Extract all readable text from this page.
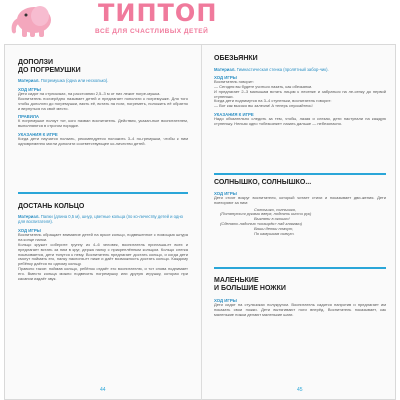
ТИПТОП
ВСЁ ДЛЯ СЧАСТЛИВЫХ ДЕТЕЙ
ДОПОЛЗИ
ДО ПОГРЕМУШКИ
Материал. Погремушка (одна или несколько).
ХОД ИГРЫ
Дети сидят на стульчиках, на расстоянии 2,5–3 м от них лежит погре-мушка.
Воспитатель поочерёдно называет детей и предлагает поползти к погремушке. Для того чтобы доползти до погремушки, взять её, встать на ноги, погреметь, положить её обратно и вернуться на своё место.
ПРАВИЛА
К погремушке ползут тот, кого назвал воспитатель. Действия, указан-ные воспитателем, выполняются в строгом порядке.
УКАЗАНИЯ К ИГРЕ
Когда дети научатся ползать, рекомендуется положить 3–4 по-гремушки, чтобы к ним одновременно могли доползти соответствующее ко-личество детей.
ДОСТАНЬ КОЛЬЦО
Материал. Палки (длина 0,5 м), шнур, цветные кольца (по ко-личеству детей и одно для воспитателя).
ХОД ИГРЫ
Воспитатель обращает внимание детей на яркое кольцо, подвешенное с помощью шнура на конце палки.
Кольцо кружит соберите группу из 4–6 человек, воспитатель приглаша-ет всех и предлагает встать за ним в круг, держа палку с прикреплённым кольцом. Кольцо слегка покачивается, дети тянутся к нему. Воспитатель предлагает достать кольцо, и когда дети смогут поймать его, палку наклоня-ет ниже и даёт возможность достать кольцо. Каждому ребёнку даётся по одному кольцу.
Правило такое: поймав кольцо, ребёнок отдаёт его воспитателю, и тот снова поднимает его. Вместо кольца можно подвесить погремушку или другую игрушку, которая при касании издаёт звук.
44
ОБЕЗЬЯНКИ
Материал. Гимнастическая стенка (пролётный забор-чик).
ХОД ИГРЫ
Воспитатель говорит:
— Сегодня вы будете учиться лазать, как обезьянки.
И предлагает 2–3 малышам встать лицом к лесенке и забраться на ле-сенку до первой ступеньки.
Когда дети поднимутся на 3–4 ступеньки, воспитатель говорит:
— Вот как высоко вы залезли! А теперь спускайтесь!
УКАЗАНИЯ К ИГРЕ
Надо обязательно следить за тем, чтобы, лазая и слезая, дети наступали на каждую ступеньку. Нельзя одно «обезьянке» лазать дальше — небезопасно.
СОЛНЫШКО, СОЛНЫШКО...
ХОД ИГРЫ
Дети стоят вокруг воспитателя, который читает стихи и показывает дви-жения. Дети повторяют за ним:
Солнышко, солнышко,
(Потянуться руками вверх, поднять кисти рук)
Выгляни в окошко!
(Сделать ладонью «козырёк» над глазами)
Ваши детки плачут,
По камушкам скачут.
МАЛЕНЬКИЕ
И БОЛЬШИЕ НОЖКИ
ХОД ИГРЫ
Дети сидят на стульчиках полукругом. Воспитатель садится напротив и предлагает им показать свои ножки. Дети вытягивают ноги вперёд. Воспитатель показывает, как маленькие ножки делают маленькие шаги.
45
